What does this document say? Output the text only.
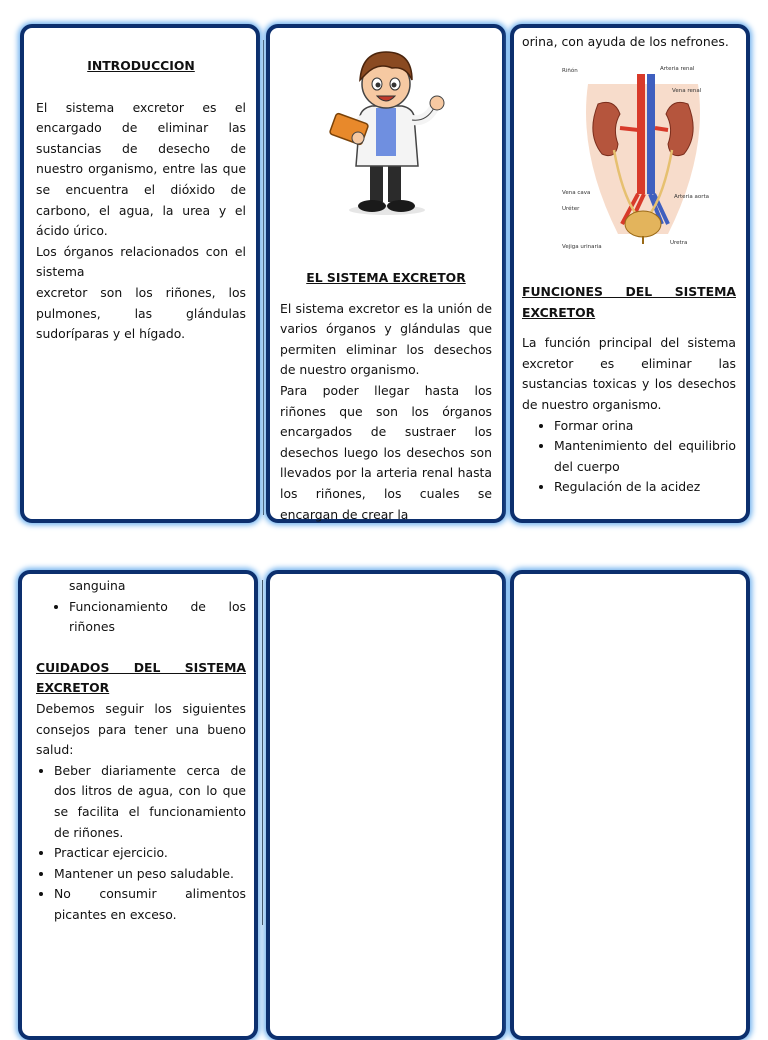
INTRODUCCION

El sistema excretor es el encargado de eliminar las sustancias de desecho de nuestro organismo, entre las que se encuentra el dióxido de carbono, el agua, la urea y el ácido úrico.

Los órganos relacionados con el sistema

excretor son los riñones, los pulmones, las glándulas sudoríparas y el hígado.

EL SISTEMA EXCRETOR

El sistema excretor es la unión de varios órganos y glándulas que permiten eliminar los desechos de nuestro organismo.

Para poder llegar hasta los riñones que son los órganos encargados de sustraer los desechos luego los desechos son llevados por la arteria renal hasta los riñones, los cuales se encargan de crear la

orina, con ayuda de los nefrones.

Riñón	Arteria renal
Vena renal
Vena cava
Arteria aorta
Uréter
Vejiga urinaria
Uretra

FUNCIONES DEL SISTEMA EXCRETOR

La función principal del sistema excretor es eliminar las sustancias toxicas y los desechos de nuestro organismo.

• Formar orina
• Mantenimiento del equilibrio del cuerpo
• Regulación de la acidez

sanguina

• Funcionamiento de los riñones

CUIDADOS DEL SISTEMA EXCRETOR

Debemos seguir los siguientes consejos para tener una bueno salud:

• Beber diariamente cerca de dos litros de agua, con lo que se facilita el funcionamiento de riñones.
• Practicar ejercicio.
• Mantener un peso saludable.
• No consumir alimentos picantes en exceso.
